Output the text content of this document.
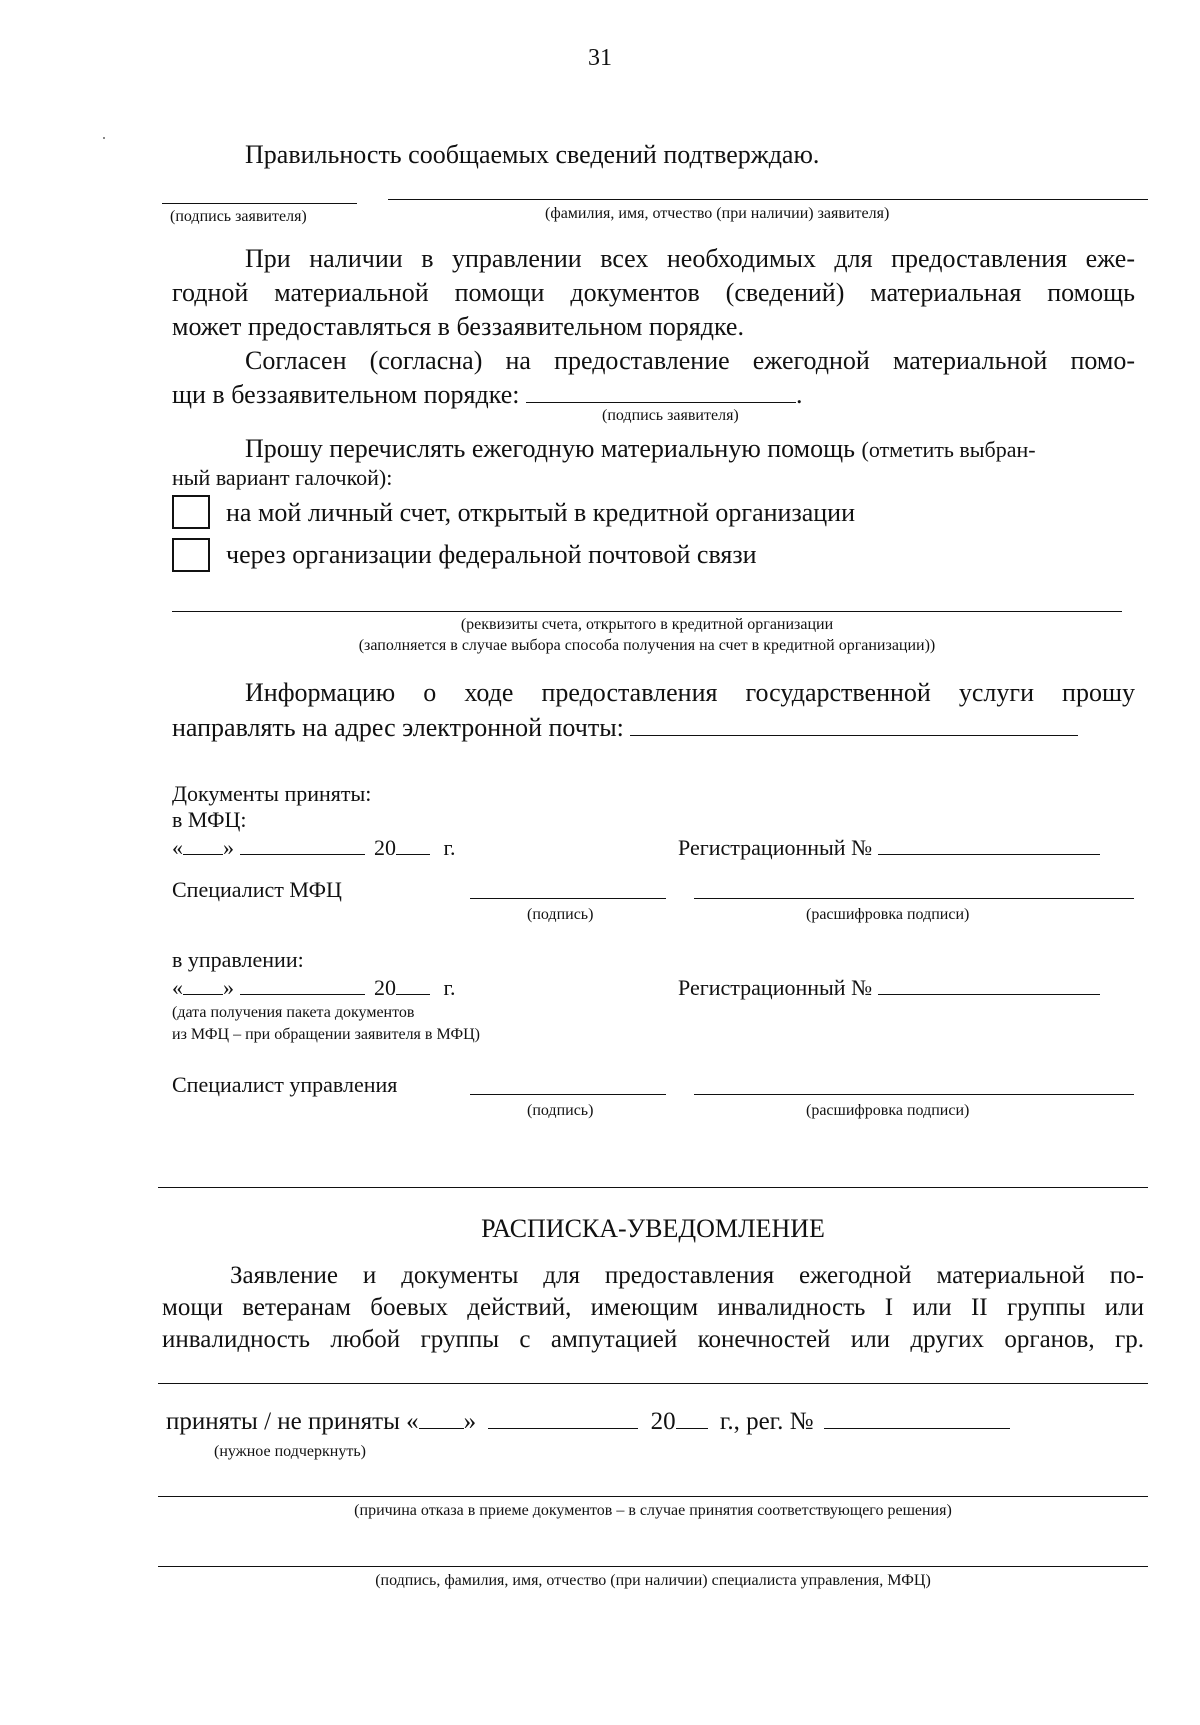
31
Правильность сообщаемых сведений подтверждаю.
(подпись заявителя)	(фамилия, имя, отчество (при наличии) заявителя)
При наличии в управлении всех необходимых для предоставления еже-
годной материальной помощи документов (сведений) материальная помощь
может предоставляться в беззаявительном порядке.
Согласен (согласна) на предоставление ежегодной материальной помо-
щи в беззаявительном порядке:	.
(подпись заявителя)
Прошу перечислять ежегодную материальную помощь (отметить выбран-
ный вариант галочкой):
на мой личный счет, открытый в кредитной организации
через организации федеральной почтовой связи
(реквизиты счета, открытого в кредитной организации
(заполняется в случае выбора способа получения на счет в кредитной организации))
Информацию о ходе предоставления государственной услуги прошу
направлять на адрес электронной почты:
Документы приняты:
в МФЦ:
« »	20 г.	Регистрационный №
Специалист МФЦ
(подпись)	(расшифровка подписи)
в управлении:
« »	20 г.	Регистрационный №
(дата получения пакета документов
из МФЦ – при обращении заявителя в МФЦ)
Специалист управления
(подпись)	(расшифровка подписи)
РАСПИСКА-УВЕДОМЛЕНИЕ
Заявление и документы для предоставления ежегодной материальной по-
мощи ветеранам боевых действий, имеющим инвалидность I или II группы или
инвалидность любой группы с ампутацией конечностей или других органов, гр.
приняты / не приняты « »	20 г., рег. №
(нужное подчеркнуть)
(причина отказа в приеме документов – в случае принятия соответствующего решения)
(подпись, фамилия, имя, отчество (при наличии) специалиста управления, МФЦ)
